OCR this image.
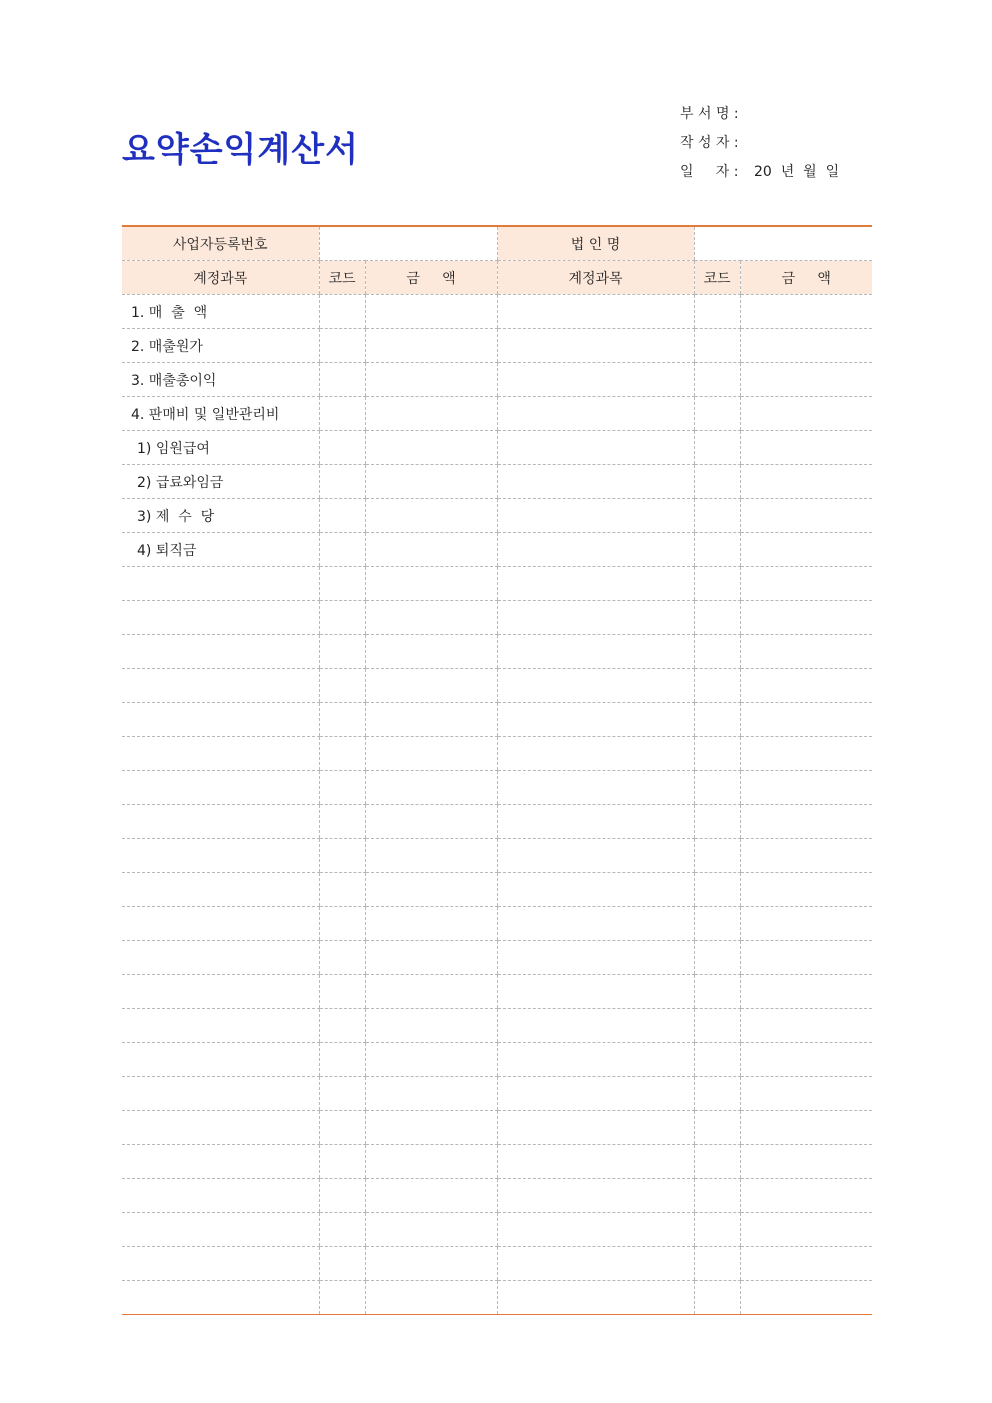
요약손익계산서
부 서 명 :
작 성 자 :
일     자 : 20  년  월  일
사업자등록번호			법 인 명		
계정과목	코드	금     액	계정과목	코드	금     액
1. 매  출  액					
2. 매출원가					
3. 매출총이익					
4. 판매비 및 일반관리비					
1) 임원급여					
2) 급료와임금					
3) 제  수  당					
4) 퇴직금					
